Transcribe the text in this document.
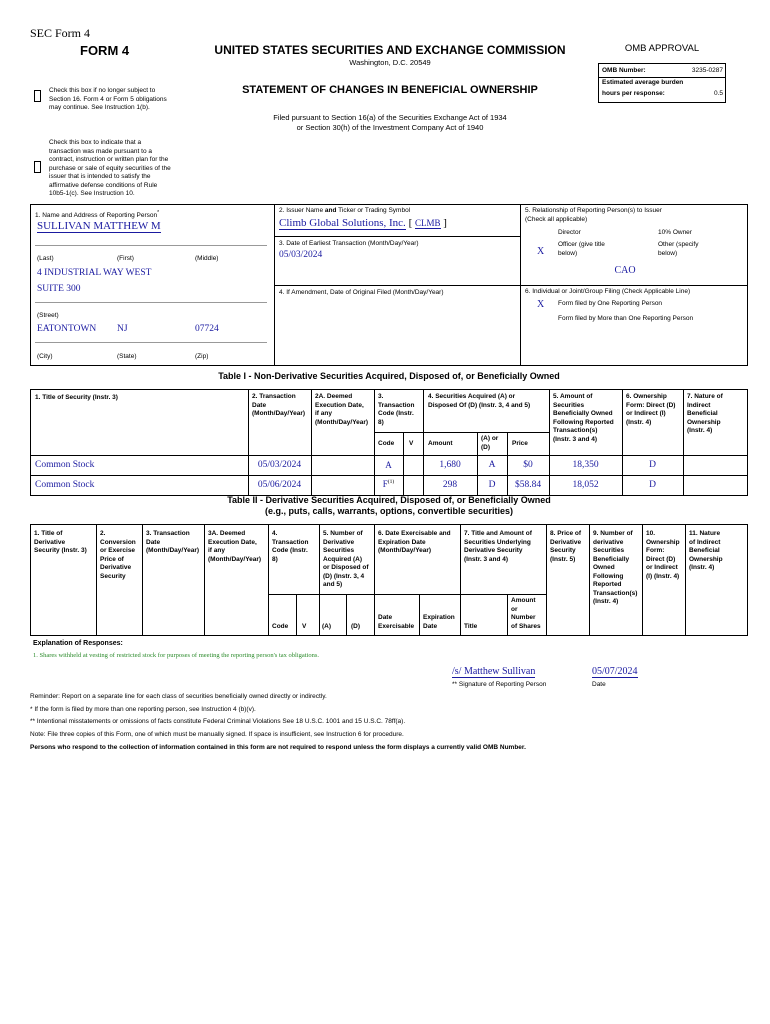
SEC Form 4
FORM 4	UNITED STATES SECURITIES AND EXCHANGE COMMISSION
Washington, D.C. 20549
STATEMENT OF CHANGES IN BENEFICIAL OWNERSHIP
Filed pursuant to Section 16(a) of the Securities Exchange Act of 1934
or Section 30(h) of the Investment Company Act of 1940
OMB APPROVAL
OMB Number:	3235-0287
Estimated average burden
hours per response:	0.5
Check this box if no longer subject to
Section 16. Form 4 or Form 5 obligations
may continue. See Instruction 1(b).
Check this box to indicate that a
transaction was made pursuant to a
contract, instruction or written plan for the
purchase or sale of equity securities of the
issuer that is intended to satisfy the
affirmative defense conditions of Rule
10b5-1(c). See Instruction 10.
1. Name and Address of Reporting Person*
SULLIVAN MATTHEW M
(Last)	(First)	(Middle)
4 INDUSTRIAL WAY WEST
SUITE 300
(Street)
EATONTOWN NJ	07724
(City)	(State)	(Zip)
2. Issuer Name and Ticker or Trading Symbol
Climb Global Solutions, Inc. [ CLMB ]
3. Date of Earliest Transaction (Month/Day/Year)
05/03/2024
4. If Amendment, Date of Original Filed (Month/Day/Year)
5. Relationship of Reporting Person(s) to Issuer
(Check all applicable)
Director	10% Owner
X
Officer (give title
below)
Other (specify
below)
CAO
6. Individual or Joint/Group Filing (Check Applicable Line)
X Form filed by One Reporting Person
Form filed by More than One Reporting Person
Table I - Non-Derivative Securities Acquired, Disposed of, or Beneficially Owned
1. Title of Security (Instr. 3)	2. Transaction
Date
(Month/Day/Year)
2A. Deemed
Execution Date,
if any
(Month/Day/Year)
3.
Transaction
Code (Instr.
8)
4. Securities Acquired (A) or
Disposed Of (D) (Instr. 3, 4 and 5)
5. Amount of
Securities
Beneficially Owned
Following Reported
Transaction(s)
(Instr. 3 and 4)
6. Ownership
Form: Direct (D)
or Indirect (I)
(Instr. 4)
7. Nature of
Indirect
Beneficial
Ownership
(Instr. 4)
Code V Amount
(A) or
(D)	Price
Common Stock	05/03/2024	A	1,680	A	$0	18,350	D
Common Stock	05/06/2024	$F^{(1)}$	298	D	$58.84	18,052	D
Table II - Derivative Securities Acquired, Disposed of, or Beneficially Owned
(e.g., puts, calls, warrants, options, convertible securities)
1. Title of
Derivative
Security (Instr. 3)
2.
Conversion
or Exercise
Price of
Derivative
Security
3. Transaction
Date
(Month/Day/Year)
3A. Deemed
Execution Date,
if any
(Month/Day/Year)
4.
Transaction
Code (Instr.
8)
5. Number of
Derivative
Securities
Acquired (A)
or Disposed of
(D) (Instr. 3, 4
and 5)
6. Date Exercisable and
Expiration Date
(Month/Day/Year)
7. Title and Amount of
Securities Underlying
Derivative Security
(Instr. 3 and 4)
8. Price of
Derivative
Security
(Instr. 5)
9. Number of
derivative
Securities
Beneficially
Owned
Following
Reported
Transaction(s)
(Instr. 4)
10.
Ownership
Form:
Direct (D)
or Indirect
(I) (Instr. 4)
11. Nature
of Indirect
Beneficial
Ownership
(Instr. 4)
Code V (A)	(D)
Date
Exercisable
Expiration
Date	Title
Amount
or
Number
of Shares
Explanation of Responses:
1. Shares withheld at vesting of restricted stock for purposes of meeting the reporting person's tax obligations.
/s/ Matthew Sullivan
** Signature of Reporting Person
05/07/2024
Date
Reminder: Report on a separate line for each class of securities beneficially owned directly or indirectly.
* If the form is filed by more than one reporting person, see Instruction 4 (b)(v).
** Intentional misstatements or omissions of facts constitute Federal Criminal Violations See 18 U.S.C. 1001 and 15 U.S.C. 78ff(a).
Note: File three copies of this Form, one of which must be manually signed. If space is insufficient, see Instruction 6 for procedure.
Persons who respond to the collection of information contained in this form are not required to respond unless the form displays a currently valid OMB Number.
